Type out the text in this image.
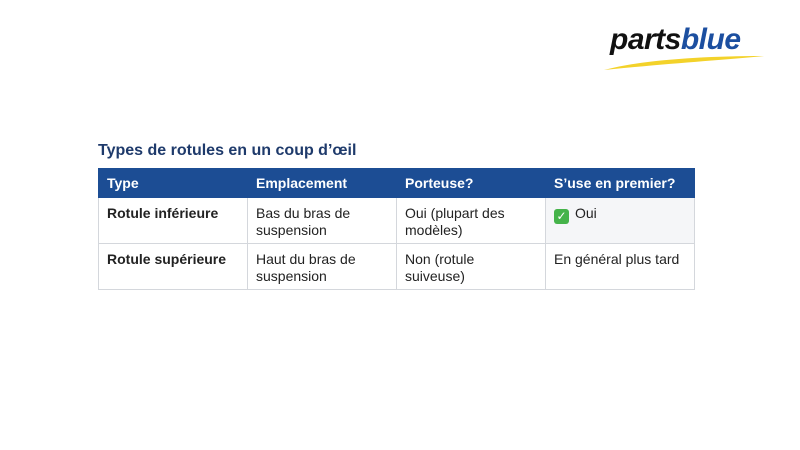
partsblue
Types de rotules en un coup d’œil
Type	Emplacement	Porteuse?	S’use en premier?
Rotule inférieure	Bas du bras de suspension	Oui (plupart des modèles)	✓ Oui
Rotule supérieure	Haut du bras de suspension	Non (rotule suiveuse)	En général plus tard
